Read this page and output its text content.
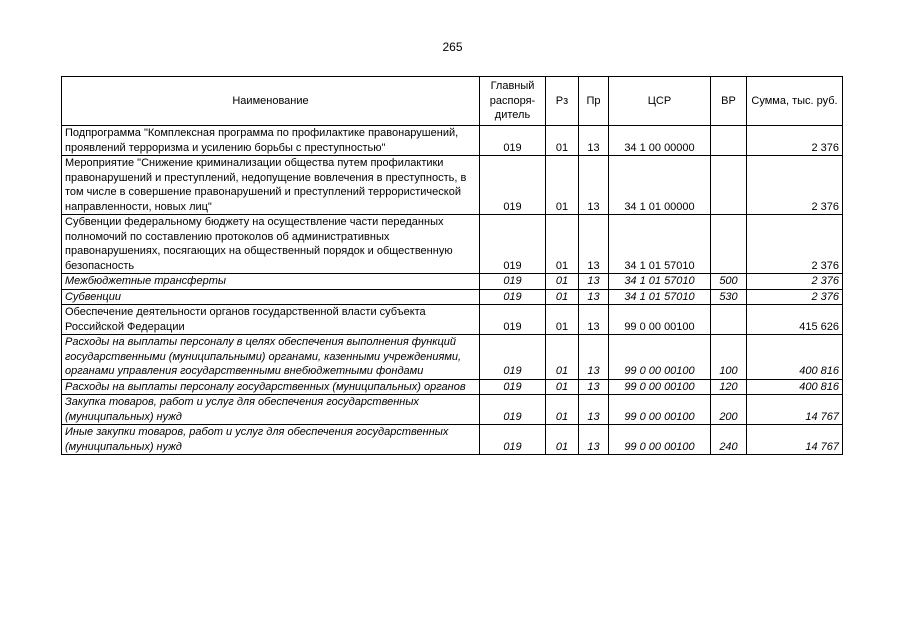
265
Наименование	Главный распоря-дитель	Рз	Пр	ЦСР	ВР	Сумма, тыс. руб.
Подпрограмма "Комплексная программа по профилактике правонарушений, проявлений терроризма и усилению борьбы с преступностью"	019	01	13	34 1 00 00000		2 376
Мероприятие "Снижение криминализации общества путем профилактики правонарушений и преступлений, недопущение вовлечения в преступность, в том числе в совершение правонарушений и преступлений террористической направленности, новых лиц"	019	01	13	34 1 01 00000		2 376
Субвенции федеральному бюджету на осуществление части переданных полномочий по составлению протоколов об административных правонарушениях, посягающих на общественный порядок и общественную безопасность	019	01	13	34 1 01 57010		2 376
Межбюджетные трансферты	019	01	13	34 1 01 57010	500	2 376
Субвенции	019	01	13	34 1 01 57010	530	2 376
Обеспечение деятельности органов государственной власти субъекта Российской Федерации	019	01	13	99 0 00 00100		415 626
Расходы на выплаты персоналу в целях обеспечения выполнения функций государственными (муниципальными) органами, казенными учреждениями, органами управления государственными внебюджетными фондами	019	01	13	99 0 00 00100	100	400 816
Расходы на выплаты персоналу государственных (муниципальных) органов	019	01	13	99 0 00 00100	120	400 816
Закупка товаров, работ и услуг для обеспечения государственных (муниципальных) нужд	019	01	13	99 0 00 00100	200	14 767
Иные закупки товаров, работ и услуг для обеспечения государственных (муниципальных) нужд	019	01	13	99 0 00 00100	240	14 767
